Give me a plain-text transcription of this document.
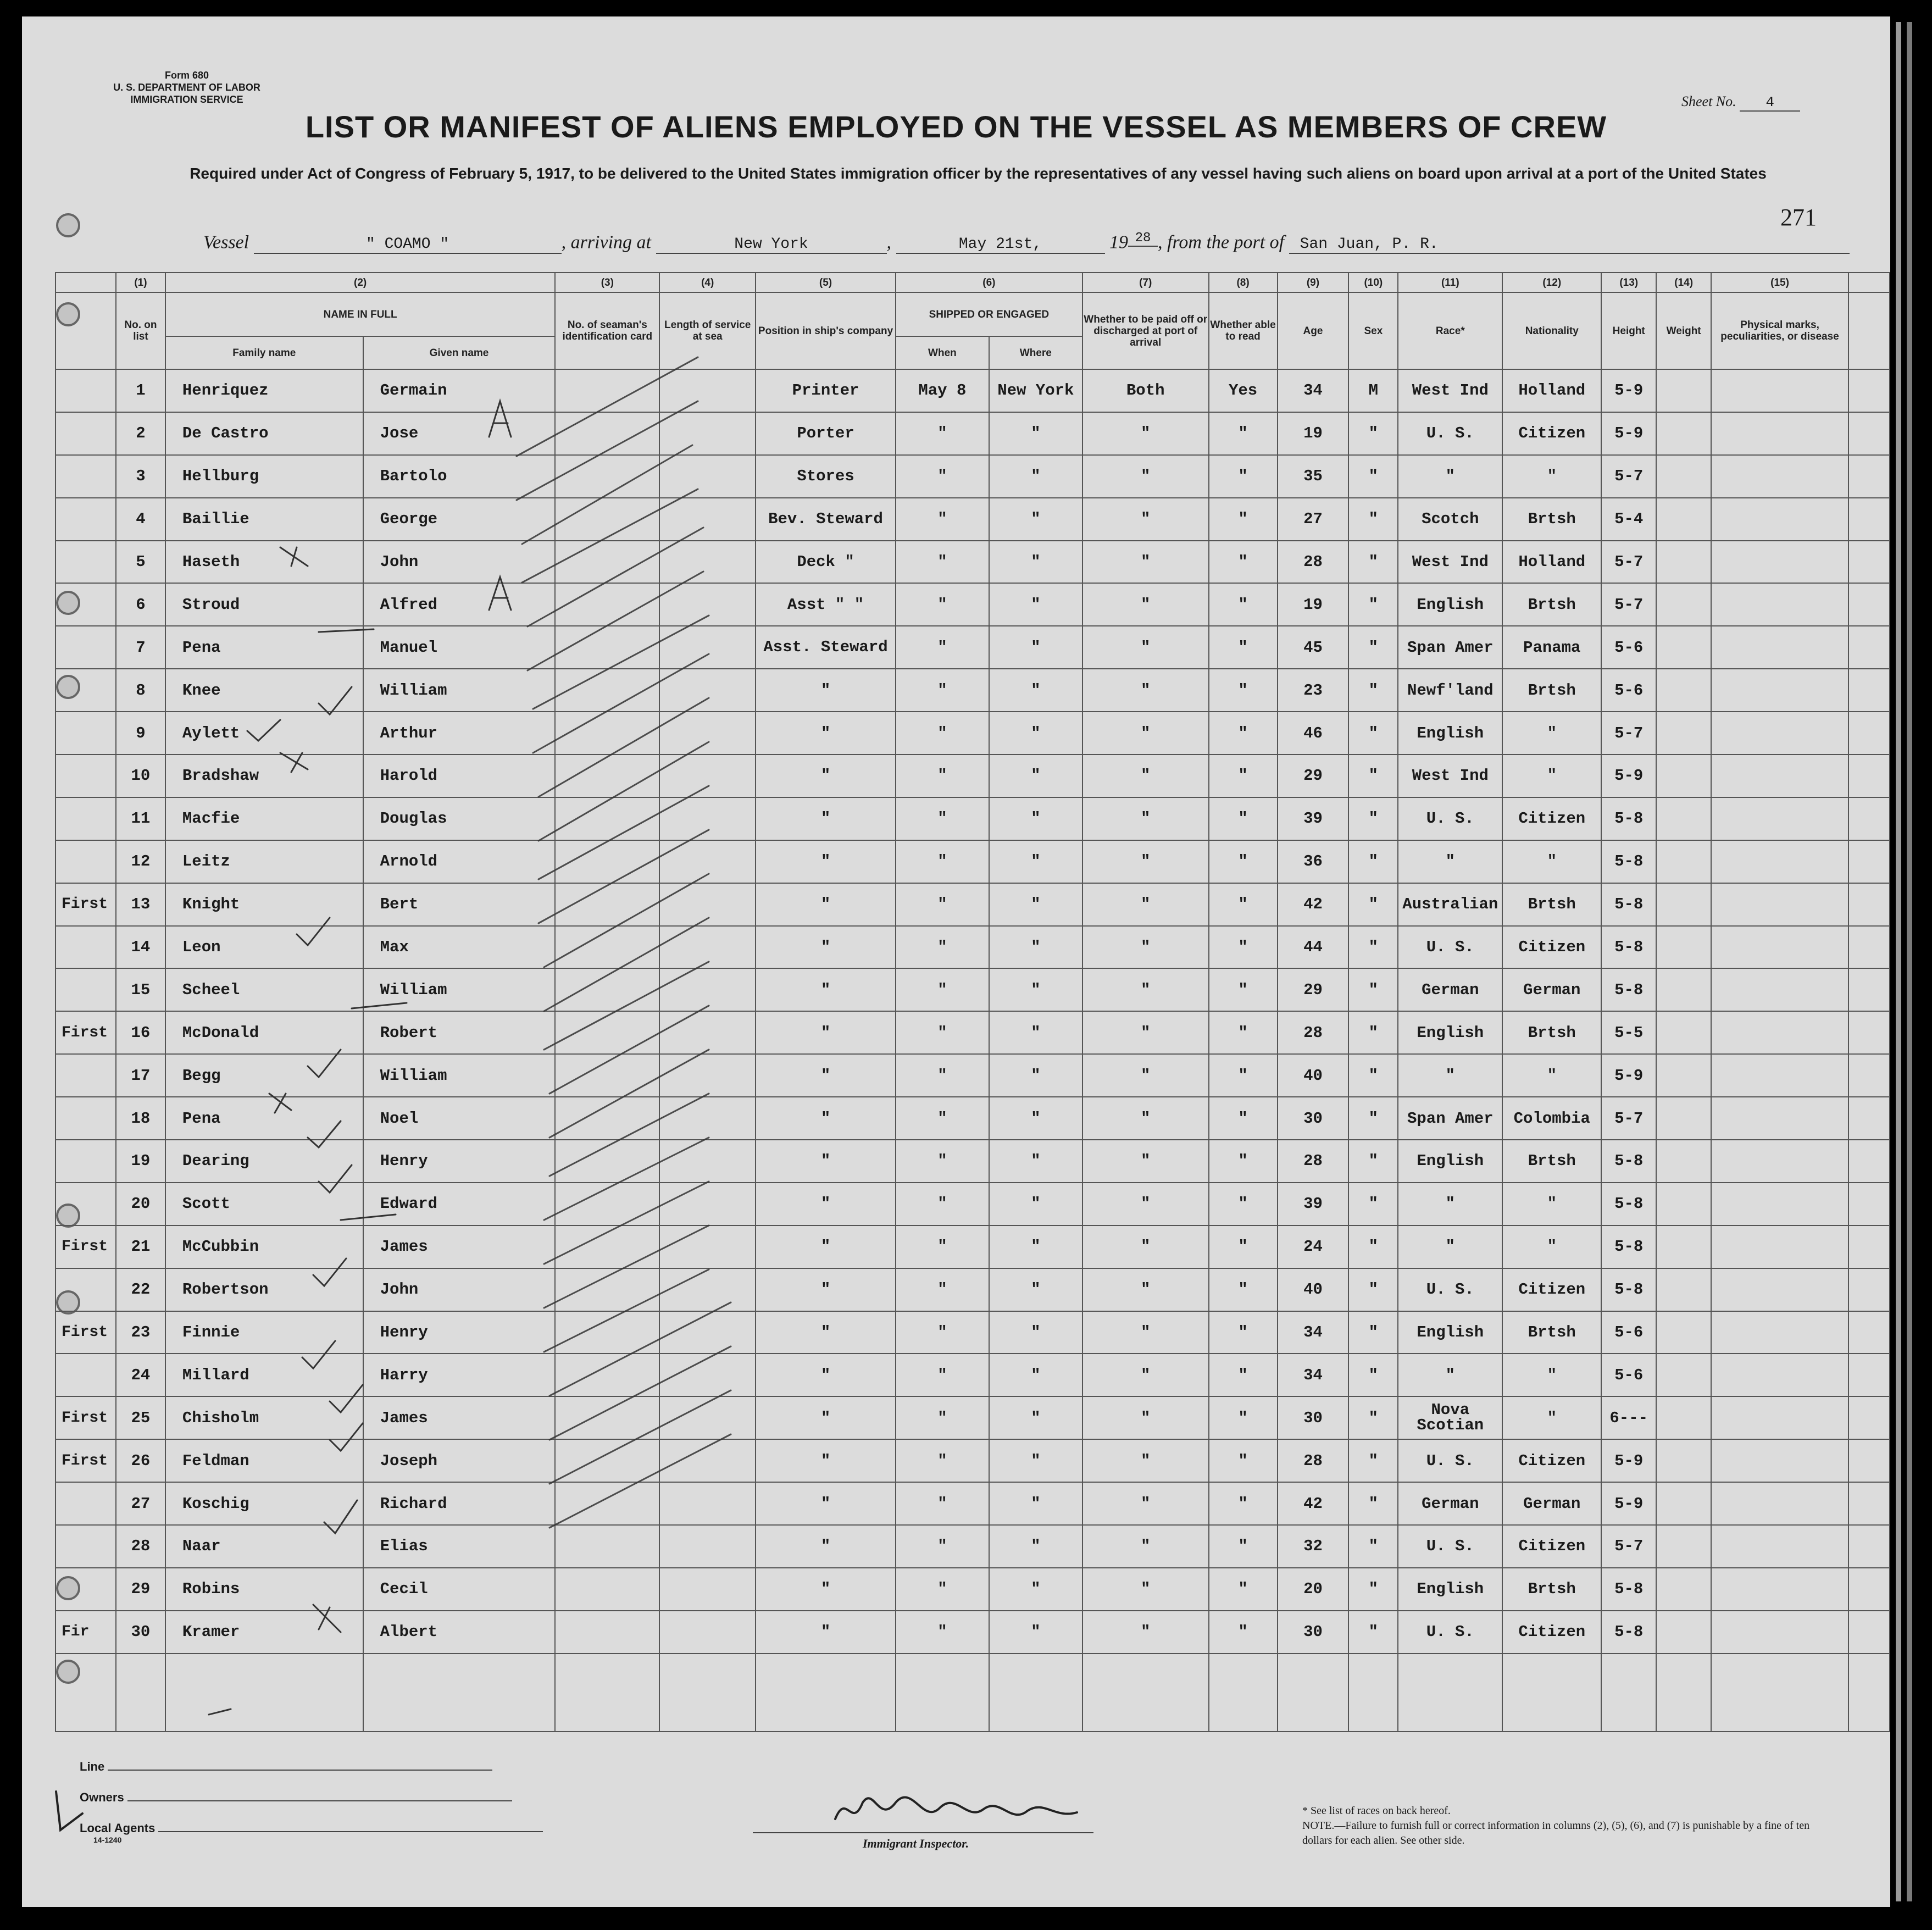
Form 680
U. S. DEPARTMENT OF LABOR
IMMIGRATION SERVICE	Sheet No. 4
LIST OR MANIFEST OF ALIENS EMPLOYED ON THE VESSEL AS MEMBERS OF CREW
Required under Act of Congress of February 5, 1917, to be delivered to the United States immigration officer by the representatives of any vessel having such aliens on board upon arrival at a port of the United States
271
Vessel	" COAMO "	, arriving at	New York	,	May 21st,	19 28 , from the port of San Juan, P. R.
	(1)	(2)		(3)	(4)	(5)	(6)		(7)	(8)	(9)	(10)	(11)	(12)	(13)	(14)	(15)	
	No. on list	NAME IN FULL		No. of seaman's identification card	Length of service at sea	Position in ship's company	SHIPPED OR ENGAGED		Whether to be paid off or discharged at port of arrival	Whether able to read	Age	Sex	Race*	Nationality	Height	Weight	Physical marks, peculiarities, or disease	
		Family name	Given name				When	Where										
	1	Henriquez	Germain			Printer	May 8	New York	Both	Yes	34	M	West Ind	Holland	5-9			
	2	De Castro	Jose			Porter	"	"	"	"	19	"	U. S.	Citizen	5-9			
	3	Hellburg	Bartolo			Stores	"	"	"	"	35	"	"	"	5-7			
	4	Baillie	George			Bev. Steward	"	"	"	"	27	"	Scotch	Brtsh	5-4			
	5	Haseth	John			Deck "	"	"	"	"	28	"	West Ind	Holland	5-7			
	6	Stroud	Alfred			Asst " "	"	"	"	"	19	"	English	Brtsh	5-7			
	7	Pena	Manuel			Asst. Steward	"	"	"	"	45	"	Span Amer	Panama	5-6			
	8	Knee	William			"	"	"	"	"	23	"	Newf'land	Brtsh	5-6			
	9	Aylett	Arthur			"	"	"	"	"	46	"	English	"	5-7			
	10	Bradshaw	Harold			"	"	"	"	"	29	"	West Ind	"	5-9			
	11	Macfie	Douglas			"	"	"	"	"	39	"	U. S.	Citizen	5-8			
	12	Leitz	Arnold			"	"	"	"	"	36	"	"	"	5-8			
First	13	Knight	Bert			"	"	"	"	"	42	"	Australian	Brtsh	5-8			
	14	Leon	Max			"	"	"	"	"	44	"	U. S.	Citizen	5-8			
	15	Scheel	William			"	"	"	"	"	29	"	German	German	5-8			
First	16	McDonald	Robert			"	"	"	"	"	28	"	English	Brtsh	5-5			
	17	Begg	William			"	"	"	"	"	40	"	"	"	5-9			
	18	Pena	Noel			"	"	"	"	"	30	"	Span Amer	Colombia	5-7			
	19	Dearing	Henry			"	"	"	"	"	28	"	English	Brtsh	5-8			
	20	Scott	Edward			"	"	"	"	"	39	"	"	"	5-8			
First	21	McCubbin	James			"	"	"	"	"	24	"	"	"	5-8			
	22	Robertson	John			"	"	"	"	"	40	"	U. S.	Citizen	5-8			
First	23	Finnie	Henry			"	"	"	"	"	34	"	English	Brtsh	5-6			
	24	Millard	Harry			"	"	"	"	"	34	"	"	"	5-6			
First	25	Chisholm	James			"	"	"	"	"	30	"	Nova Scotian	"	6---			
First	26	Feldman	Joseph			"	"	"	"	"	28	"	U. S.	Citizen	5-9			
	27	Koschig	Richard			"	"	"	"	"	42	"	German	German	5-9			
	28	Naar	Elias			"	"	"	"	"	32	"	U. S.	Citizen	5-7			
	29	Robins	Cecil			"	"	"	"	"	20	"	English	Brtsh	5-8			
Fir	30	Kramer	Albert			"	"	"	"	"	30	"	U. S.	Citizen	5-8			

Line
Owners
Local Agents
14-1240	Immigrant Inspector.
* See list of races on back hereof.
NOTE.—Failure to furnish full or correct information in columns (2), (5), (6), and (7) is punishable by a fine of ten dollars for each alien. See other side.
